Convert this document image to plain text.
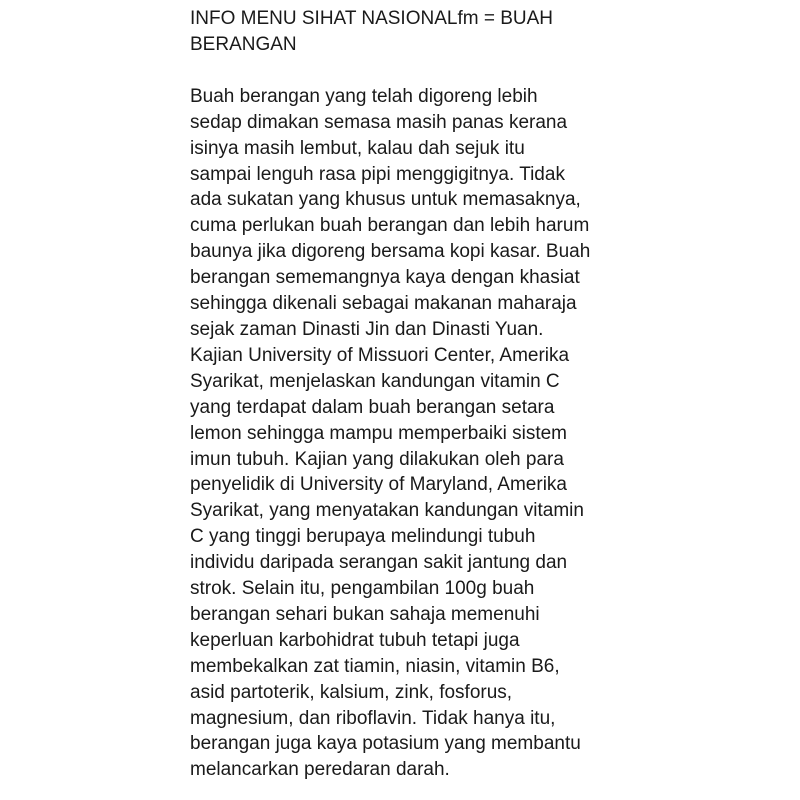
INFO MENU SIHAT NASIONALfm = BUAH
BERANGAN

Buah berangan yang telah digoreng lebih
sedap dimakan semasa masih panas kerana
isinya masih lembut, kalau dah sejuk itu
sampai lenguh rasa pipi menggigitnya. Tidak
ada sukatan yang khusus untuk memasaknya,
cuma perlukan buah berangan dan lebih harum
baunya jika digoreng bersama kopi kasar. Buah
berangan sememangnya kaya dengan khasiat
sehingga dikenali sebagai makanan maharaja
sejak zaman Dinasti Jin dan Dinasti Yuan.
Kajian University of Missuori Center, Amerika
Syarikat, menjelaskan kandungan vitamin C
yang terdapat dalam buah berangan setara
lemon sehingga mampu memperbaiki sistem
imun tubuh. Kajian yang dilakukan oleh para
penyelidik di University of Maryland, Amerika
Syarikat, yang menyatakan kandungan vitamin
C yang tinggi berupaya melindungi tubuh
individu daripada serangan sakit jantung dan
strok. Selain itu, pengambilan 100g buah
berangan sehari bukan sahaja memenuhi
keperluan karbohidrat tubuh tetapi juga
membekalkan zat tiamin, niasin, vitamin B6,
asid partoterik, kalsium, zink, fosforus,
magnesium, dan riboflavin. Tidak hanya itu,
berangan juga kaya potasium yang membantu
melancarkan peredaran darah.
